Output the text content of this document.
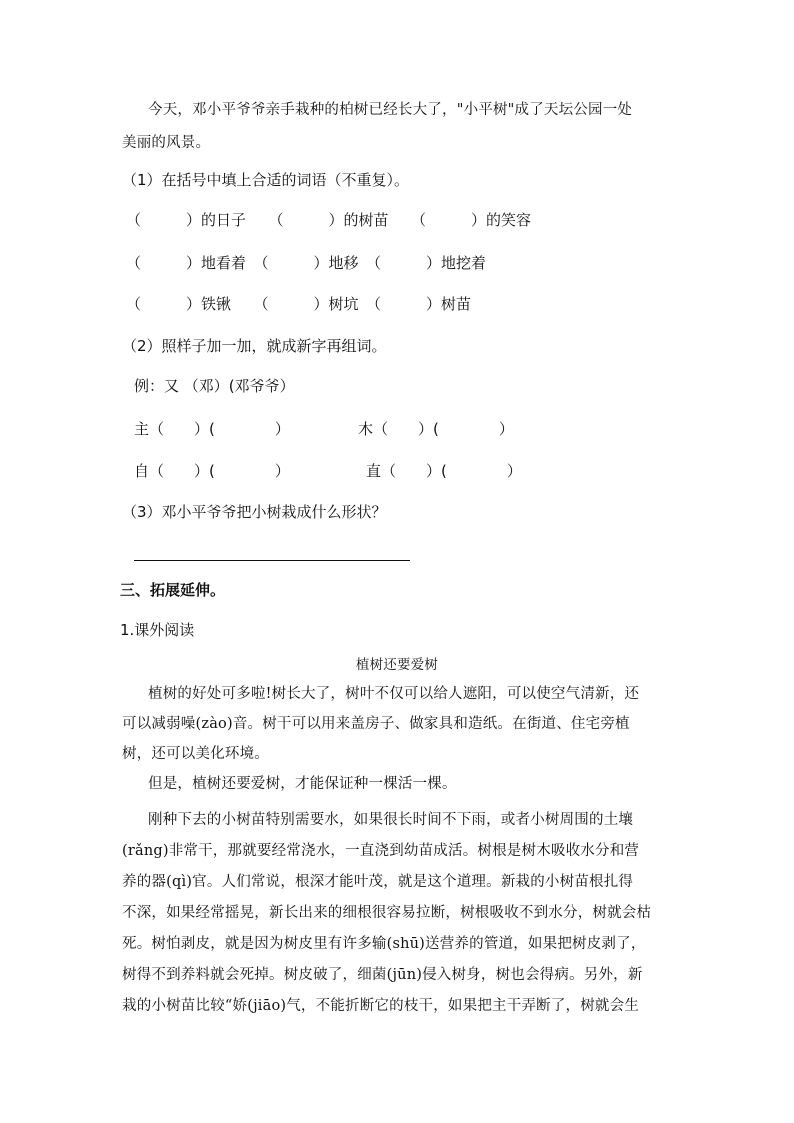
今天，邓小平爷爷亲手栽种的柏树已经长大了，"小平树"成了天坛公园一处
美丽的风景。
（1）在括号中填上合适的词语（不重复）。
（　　　）的日子　　（　　　）的树苗　　（　　　）的笑容
（　　　）地看着　（　　　）地移　（　　　）地挖着
（　　　）铁锹　　（　　　）树坑　（　　　）树苗
（2）照样子加一加，就成新字再组词。
例：又 （邓）(邓爷爷）
主（　　）(　　　　）	木（　　）(　　　　）
自（　　）(　　　　）	直（　　）(　　　　）
（3）邓小平爷爷把小树栽成什么形状？
三、拓展延伸。
1.课外阅读
植树还要爱树
植树的好处可多啦!树长大了，树叶不仅可以给人遮阳，可以使空气清新，还
可以减弱噪(zào)音。树干可以用来盖房子、做家具和造纸。在街道、住宅旁植
树，还可以美化环境。
但是，植树还要爱树，才能保证种一棵活一棵。
刚种下去的小树苗特别需要水，如果很长时间不下雨，或者小树周围的土壤
(rǎng)非常干，那就要经常浇水，一直浇到幼苗成活。树根是树木吸收水分和营
养的器(qì)官。人们常说，根深才能叶茂，就是这个道理。新栽的小树苗根扎得
不深，如果经常摇晃，新长出来的细根很容易拉断，树根吸收不到水分，树就会枯
死。树怕剥皮，就是因为树皮里有许多输(shū)送营养的管道，如果把树皮剥了，
树得不到养料就会死掉。树皮破了，细菌(jūn)侵入树身，树也会得病。另外，新
栽的小树苗比较“娇(jiāo)气，不能折断它的枝干，如果把主干弄断了，树就会生
